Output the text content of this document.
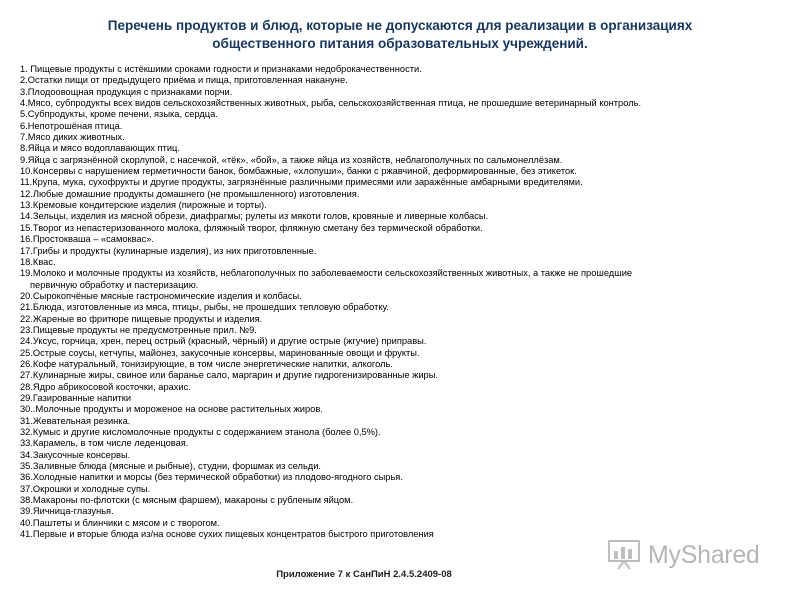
Перечень продуктов и блюд, которые не допускаются для реализации в организациях
общественного питания образовательных учреждений.
1. Пищевые продукты с истёкшими сроками годности и признаками недоброкачественности.
2.Остатки пищи от предыдущего приёма и пища, приготовленная накануне.
3.Плодоовощная продукция с признаками порчи.
4.Мясо, субпродукты всех видов сельскохозяйственных животных, рыба, сельскохозяйственная птица, не прошедшие ветеринарный контроль.
5.Субпродукты, кроме печени, языка, сердца.
6.Непотрошёная птица.
7.Мясо диких животных.
8.Яйца и мясо водоплавающих птиц.
9.Яйца с загрязнённой скорлупой, с насечкой, «тёк», «бой», а также яйца из хозяйств, неблагополучных по сальмонеллёзам.
10.Консервы с нарушением герметичности банок, бомбажные, «хлопуши», банки с ржавчиной, деформированные, без этикеток.
11.Крупа, мука, сухофрукты и другие продукты, загрязнённые различными примесями или заражённые амбарными вредителями.
12.Любые домашние продукты домашнего (не промышленного) изготовления.
13.Кремовые кондитерские изделия (пирожные и торты).
14.Зельцы, изделия из мясной обрези, диафрагмы; рулеты из мякоти голов, кровяные и ливерные колбасы.
15.Творог из непастеризованного молока, фляжный творог, фляжную сметану без термической обработки.
16.Простокваша – «самоквас».
17.Грибы и продукты (кулинарные изделия), из них приготовленные.
18.Квас.
19.Молоко и молочные продукты из хозяйств, неблагополучных по заболеваемости сельскохозяйственных животных, а также не прошедшие
первичную обработку и пастеризацию.
20.Сырокопчёные мясные гастрономические изделия и колбасы.
21.Блюда, изготовленные из мяса, птицы, рыбы, не прошедших тепловую обработку.
22.Жареные во фритюре пищевые продукты и изделия.
23.Пищевые продукты не предусмотренные прил. №9.
24.Уксус, горчица, хрен, перец острый (красный, чёрный) и другие острые (жгучие) приправы.
25.Острые соусы, кетчупы, майонез, закусочные консервы, маринованные овощи и фрукты.
26.Кофе натуральный, тонизирующие, в том числе энергетические напитки, алкоголь.
27.Кулинарные жиры, свиное или бараньe сало, маргарин и другие гидрогенизированные жиры.
28.Ядро абрикосовой косточки, арахис.
29.Газированные напитки
30..Молочные продукты и мороженое на основе растительных жиров.
31.Жевательная резинка.
32.Кумыс и другие кисломолочные продукты с содержанием этанола (более 0,5%).
33.Карамель, в том числе леденцовая.
34.Закусочные консервы.
35.Заливные блюда (мясные и рыбные), студни, форшмак из сельди.
36.Холодные напитки и морсы (без термической обработки) из плодово-ягодного сырья.
37.Окрошки и холодные супы.
38.Макароны по-флотски (с мясным фаршем), макароны с рубленым яйцом.
39.Яичница-глазунья.
40.Паштеты и блинчики с мясом и с творогом.
41.Первые и вторые блюда из/на основе сухих пищевых концентратов быстрого приготовления
Приложение 7 к СанПиН 2.4.5.2409-08
MyShared
